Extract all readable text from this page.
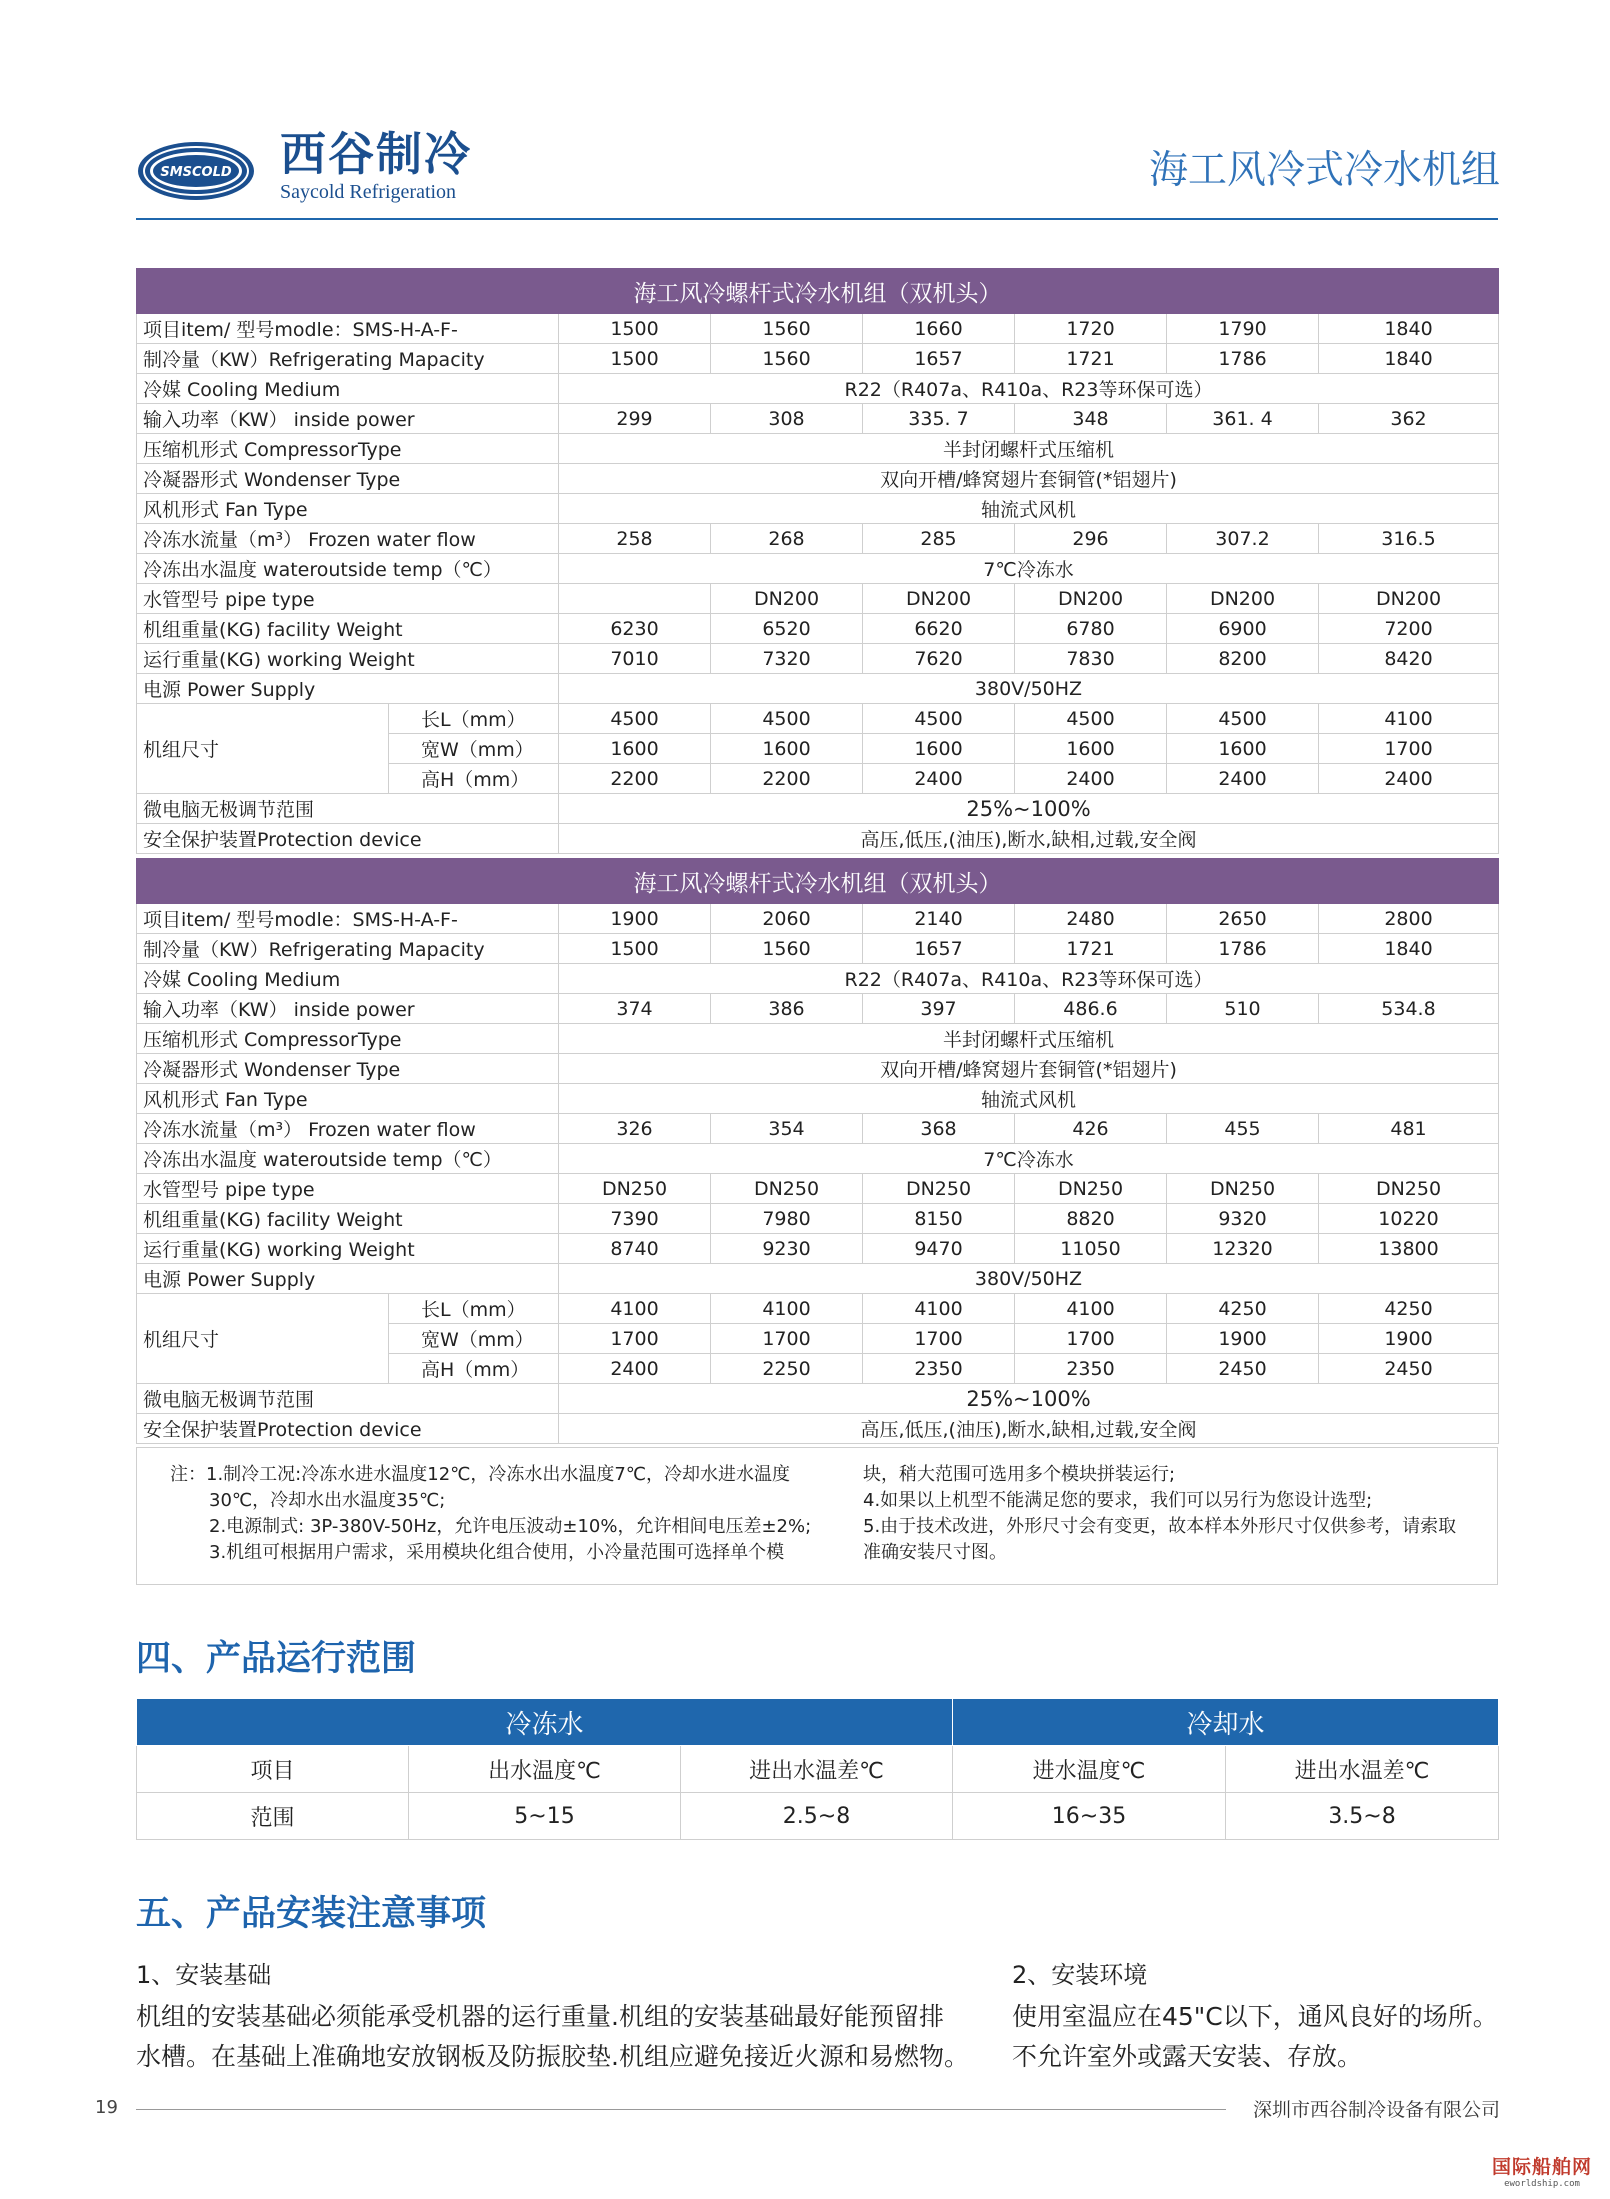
SMSCOLD 西谷制冷
Saycold Refrigeration	海工风冷式冷水机组
海工风冷螺杆式冷水机组（双机头）							
项目item/ 型号modle：SMS-H-A-F-		1500	1560	1660	1720	1790	1840
制冷量（KW）Refrigerating Mapacity		1500	1560	1657	1721	1786	1840
冷媒 Cooling Medium		R22（R407a、R410a、R23等环保可选）					
输入功率（KW） inside power		299	308	335. 7	348	361. 4	362
压缩机形式 CompressorType		半封闭螺杆式压缩机					
冷凝器形式 Wondenser Type		双向开槽/蜂窝翅片套铜管(*铝翅片)					
风机形式 Fan Type		轴流式风机					
冷冻水流量（m³） Frozen water flow		258	268	285	296	307.2	316.5
冷冻出水温度 wateroutside temp（℃）		7℃冷冻水					
水管型号 pipe type			DN200	DN200	DN200	DN200	DN200
机组重量(KG) facility Weight		6230	6520	6620	6780	6900	7200
运行重量(KG) working Weight		7010	7320	7620	7830	8200	8420
电源 Power Supply		380V/50HZ					
机组尺寸	长L（mm）	4500	4500	4500	4500	4500	4100
	宽W（mm）	1600	1600	1600	1600	1600	1700
	高H（mm）	2200	2200	2400	2400	2400	2400
微电脑无极调节范围		25%~100%					
安全保护装置Protection device		高压,低压,(油压),断水,缺相,过载,安全阀					
海工风冷螺杆式冷水机组（双机头）							
项目item/ 型号modle：SMS-H-A-F-		1900	2060	2140	2480	2650	2800
制冷量（KW）Refrigerating Mapacity		1500	1560	1657	1721	1786	1840
冷媒 Cooling Medium		R22（R407a、R410a、R23等环保可选）					
输入功率（KW） inside power		374	386	397	486.6	510	534.8
压缩机形式 CompressorType		半封闭螺杆式压缩机					
冷凝器形式 Wondenser Type		双向开槽/蜂窝翅片套铜管(*铝翅片)					
风机形式 Fan Type		轴流式风机					
冷冻水流量（m³） Frozen water flow		326	354	368	426	455	481
冷冻出水温度 wateroutside temp（℃）		7℃冷冻水					
水管型号 pipe type		DN250	DN250	DN250	DN250	DN250	DN250
机组重量(KG) facility Weight		7390	7980	8150	8820	9320	10220
运行重量(KG) working Weight		8740	9230	9470	11050	12320	13800
电源 Power Supply		380V/50HZ					
机组尺寸	长L（mm）	4100	4100	4100	4100	4250	4250
	宽W（mm）	1700	1700	1700	1700	1900	1900
	高H（mm）	2400	2250	2350	2350	2450	2450
微电脑无极调节范围		25%~100%					
安全保护装置Protection device		高压,低压,(油压),断水,缺相,过载,安全阀					
注：1.制冷工况:冷冻水进水温度12℃，冷冻水出水温度7℃，冷却水进水温度
30℃，冷却水出水温度35℃;
2.电源制式: 3P-380V-50Hz，允许电压波动±10%，允许相间电压差±2%;
3.机组可根据用户需求，采用模块化组合使用，小冷量范围可选择单个模
块，稍大范围可选用多个模块拼装运行;
4.如果以上机型不能满足您的要求，我们可以另行为您设计选型;
5.由于技术改进，外形尺寸会有变更，故本样本外形尺寸仅供参考，请索取
准确安装尺寸图。
四、产品运行范围
冷冻水			冷却水	
项目	出水温度℃	进出水温差℃	进水温度℃	进出水温差℃
范围	5~15	2.5~8	16~35	3.5~8
五、产品安装注意事项
1、安装基础
机组的安装基础必须能承受机器的运行重量.机组的安装基础最好能预留排
水槽。在基础上准确地安放钢板及防振胶垫.机组应避免接近火源和易燃物。
2、安装环境
使用室温应在45"C以下，通风良好的场所。
不允许室外或露天安装、存放。
19	深圳市西谷制冷设备有限公司
国际船舶网
eworldship.com
